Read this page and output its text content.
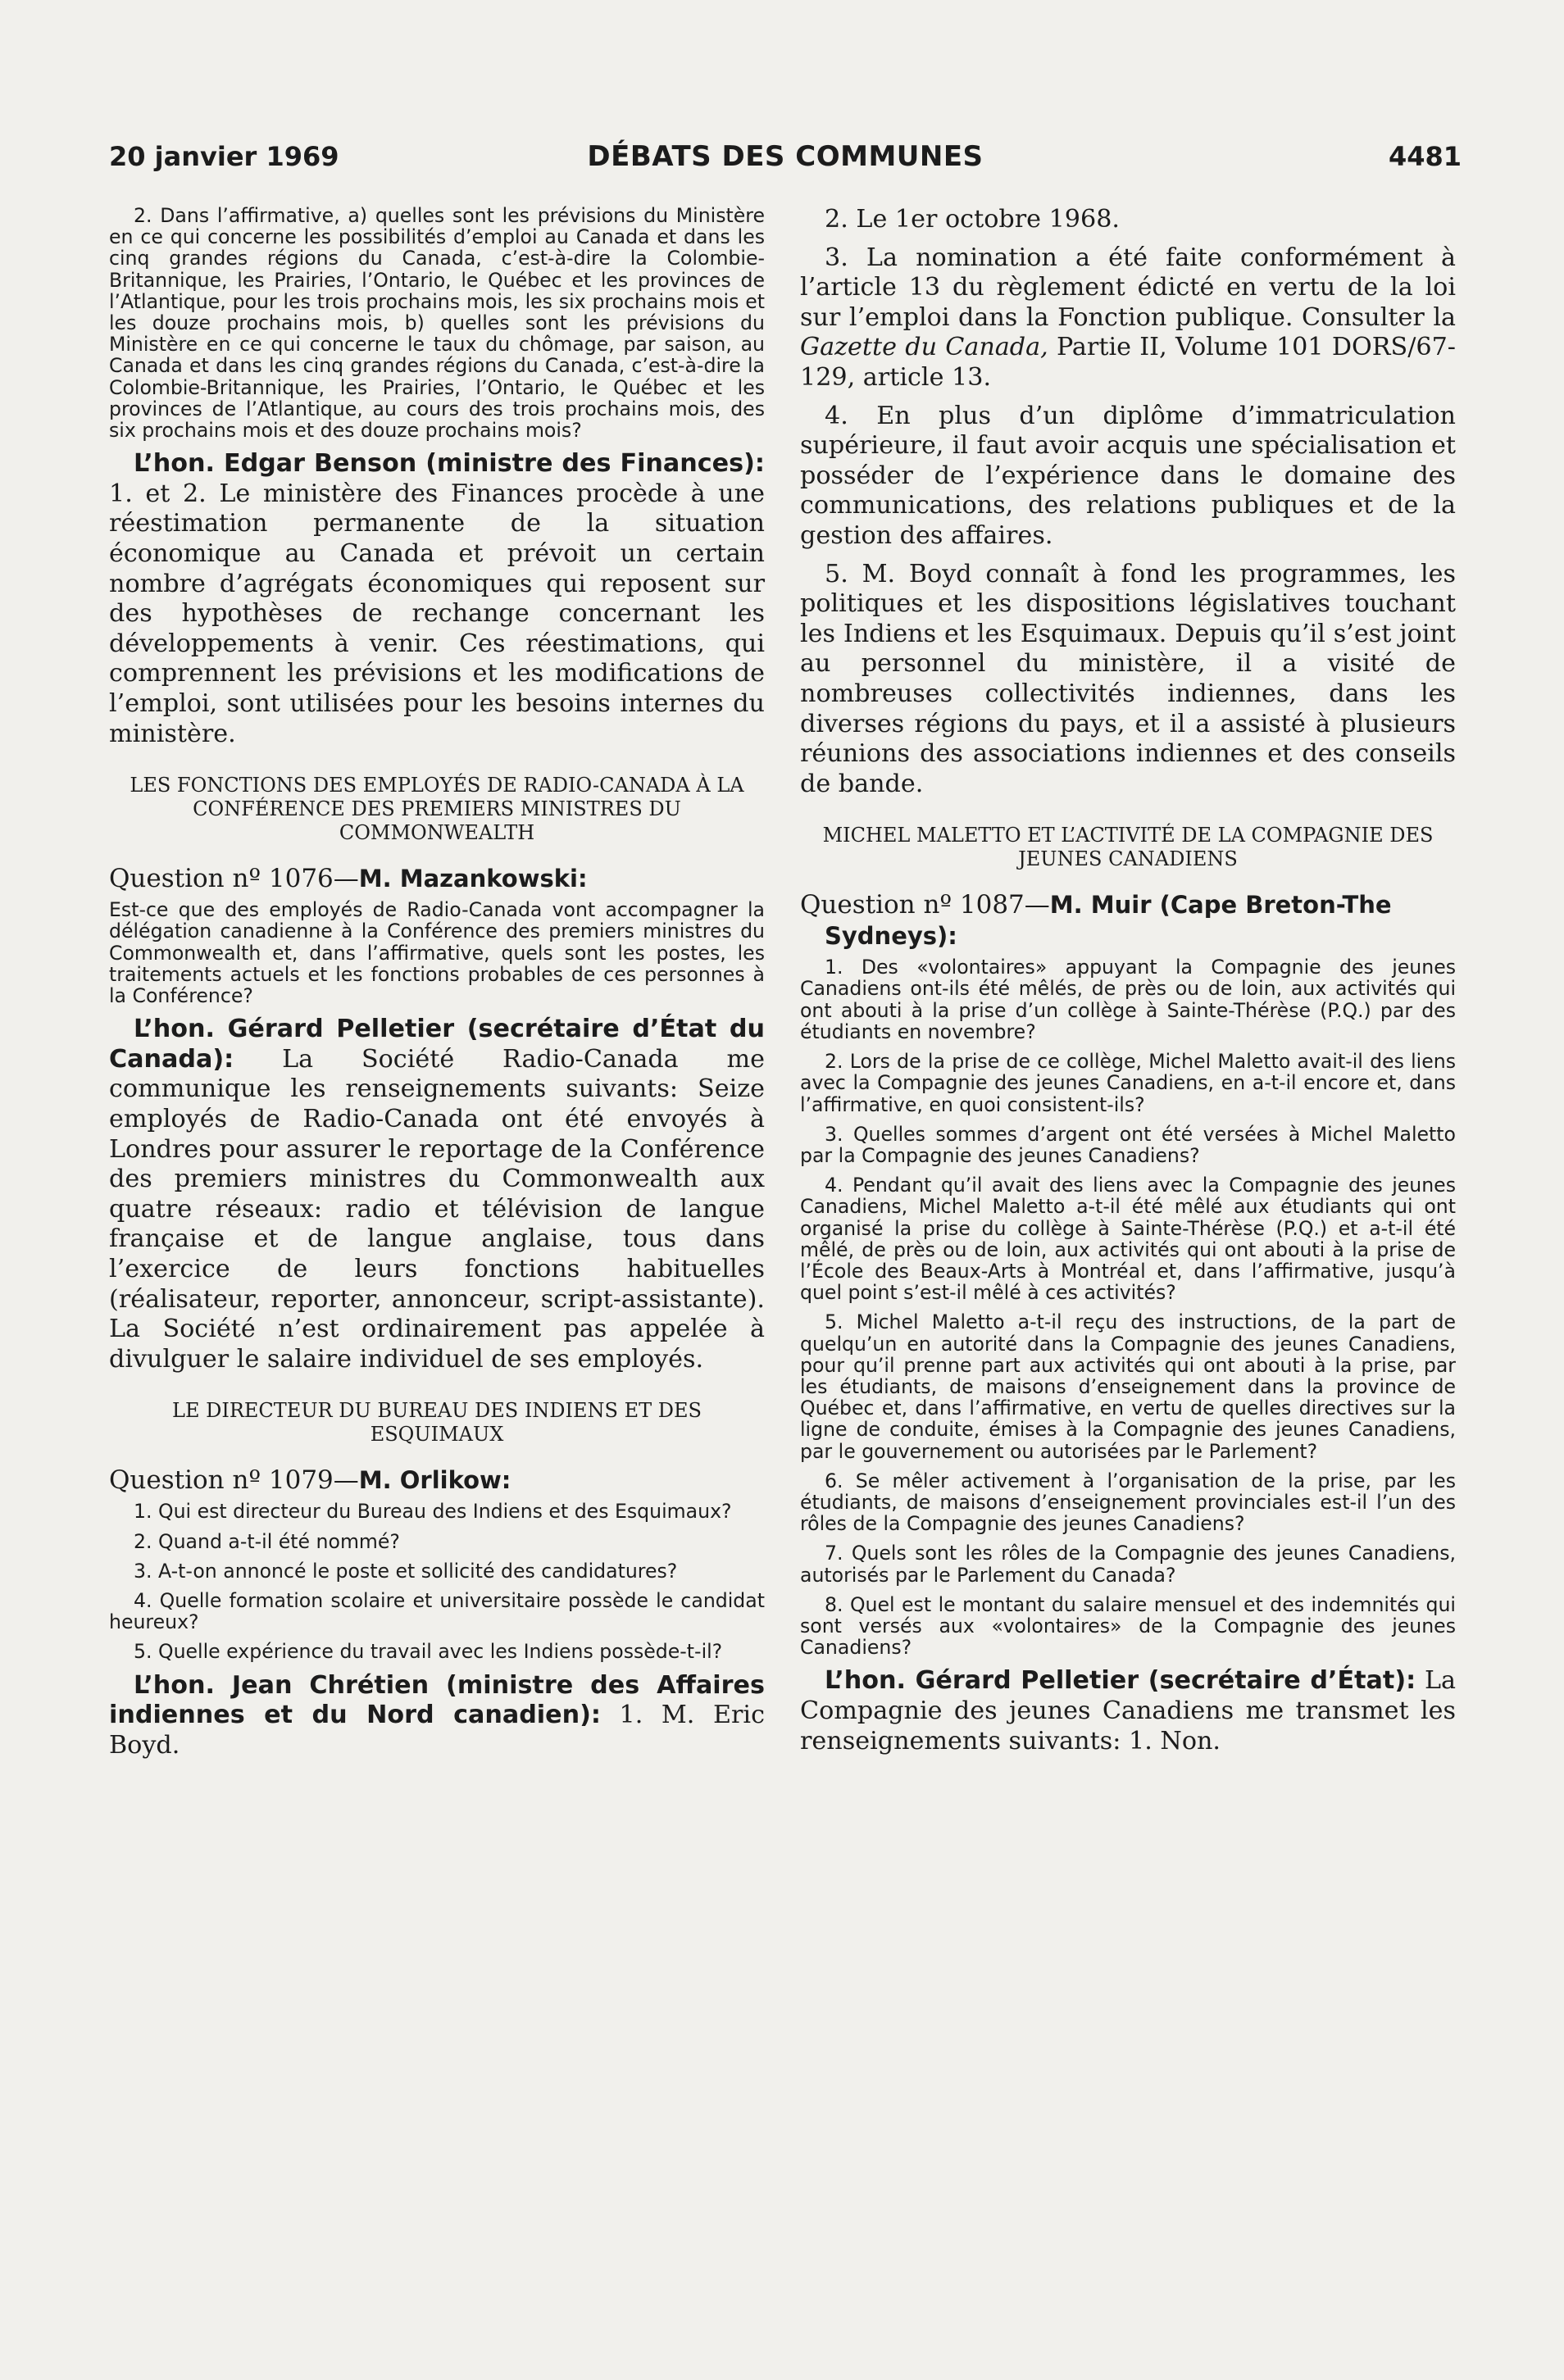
20 janvier 1969	DÉBATS DES COMMUNES	4481

2. Dans l’affirmative, a) quelles sont les prévisions du Ministère en ce qui concerne les possibilités d’emploi au Canada et dans les cinq grandes régions du Canada, c’est-à-dire la Colombie-Britannique, les Prairies, l’Ontario, le Québec et les provinces de l’Atlantique, pour les trois prochains mois, les six prochains mois et les douze prochains mois, b) quelles sont les prévisions du Ministère en ce qui concerne le taux du chômage, par saison, au Canada et dans les cinq grandes régions du Canada, c’est-à-dire la Colombie-Britannique, les Prairies, l’Ontario, le Québec et les provinces de l’Atlantique, au cours des trois prochains mois, des six prochains mois et des douze prochains mois?

L’hon. Edgar Benson (ministre des Finances): 1. et 2. Le ministère des Finances procède à une réestimation permanente de la situation économique au Canada et prévoit un certain nombre d’agrégats économiques qui reposent sur des hypothèses de rechange concernant les développements à venir. Ces réestimations, qui comprennent les prévisions et les modifications de l’emploi, sont utilisées pour les besoins internes du ministère.

LES FONCTIONS DES EMPLOYÉS DE RADIO-CANADA À LA CONFÉRENCE DES PREMIERS MINISTRES DU COMMONWEALTH

Question nº 1076—M. Mazankowski:

Est-ce que des employés de Radio-Canada vont accompagner la délégation canadienne à la Conférence des premiers ministres du Commonwealth et, dans l’affirmative, quels sont les postes, les traitements actuels et les fonctions probables de ces personnes à la Conférence?

L’hon. Gérard Pelletier (secrétaire d’État du Canada): La Société Radio-Canada me communique les renseignements suivants: Seize employés de Radio-Canada ont été envoyés à Londres pour assurer le reportage de la Conférence des premiers ministres du Commonwealth aux quatre réseaux: radio et télévision de langue française et de langue anglaise, tous dans l’exercice de leurs fonctions habituelles (réalisateur, reporter, annonceur, script-assistante). La Société n’est ordinairement pas appelée à divulguer le salaire individuel de ses employés.

LE DIRECTEUR DU BUREAU DES INDIENS ET DES ESQUIMAUX

Question nº 1079—M. Orlikow:

1. Qui est directeur du Bureau des Indiens et des Esquimaux?

2. Quand a-t-il été nommé?

3. A-t-on annoncé le poste et sollicité des candidatures?

4. Quelle formation scolaire et universitaire possède le candidat heureux?

5. Quelle expérience du travail avec les Indiens possède-t-il?

L’hon. Jean Chrétien (ministre des Affaires indiennes et du Nord canadien): 1. M. Eric Boyd.

2. Le 1er octobre 1968.

3. La nomination a été faite conformément à l’article 13 du règlement édicté en vertu de la loi sur l’emploi dans la Fonction publique. Consulter la Gazette du Canada, Partie II, Volume 101 DORS/67-129, article 13.

4. En plus d’un diplôme d’immatriculation supérieure, il faut avoir acquis une spécialisation et posséder de l’expérience dans le domaine des communications, des relations publiques et de la gestion des affaires.

5. M. Boyd connaît à fond les programmes, les politiques et les dispositions législatives touchant les Indiens et les Esquimaux. Depuis qu’il s’est joint au personnel du ministère, il a visité de nombreuses collectivités indiennes, dans les diverses régions du pays, et il a assisté à plusieurs réunions des associations indiennes et des conseils de bande.

MICHEL MALETTO ET L’ACTIVITÉ DE LA COMPAGNIE DES JEUNES CANADIENS

Question nº 1087—M. Muir (Cape Breton-The Sydneys):

1. Des «volontaires» appuyant la Compagnie des jeunes Canadiens ont-ils été mêlés, de près ou de loin, aux activités qui ont abouti à la prise d’un collège à Sainte-Thérèse (P.Q.) par des étudiants en novembre?

2. Lors de la prise de ce collège, Michel Maletto avait-il des liens avec la Compagnie des jeunes Canadiens, en a-t-il encore et, dans l’affirmative, en quoi consistent-ils?

3. Quelles sommes d’argent ont été versées à Michel Maletto par la Compagnie des jeunes Canadiens?

4. Pendant qu’il avait des liens avec la Compagnie des jeunes Canadiens, Michel Maletto a-t-il été mêlé aux étudiants qui ont organisé la prise du collège à Sainte-Thérèse (P.Q.) et a-t-il été mêlé, de près ou de loin, aux activités qui ont abouti à la prise de l’École des Beaux-Arts à Montréal et, dans l’affirmative, jusqu’à quel point s’est-il mêlé à ces activités?

5. Michel Maletto a-t-il reçu des instructions, de la part de quelqu’un en autorité dans la Compagnie des jeunes Canadiens, pour qu’il prenne part aux activités qui ont abouti à la prise, par les étudiants, de maisons d’enseignement dans la province de Québec et, dans l’affirmative, en vertu de quelles directives sur la ligne de conduite, émises à la Compagnie des jeunes Canadiens, par le gouvernement ou autorisées par le Parlement?

6. Se mêler activement à l’organisation de la prise, par les étudiants, de maisons d’enseignement provinciales est-il l’un des rôles de la Compagnie des jeunes Canadiens?

7. Quels sont les rôles de la Compagnie des jeunes Canadiens, autorisés par le Parlement du Canada?

8. Quel est le montant du salaire mensuel et des indemnités qui sont versés aux «volontaires» de la Compagnie des jeunes Canadiens?

L’hon. Gérard Pelletier (secrétaire d’État): La Compagnie des jeunes Canadiens me transmet les renseignements suivants: 1. Non.
